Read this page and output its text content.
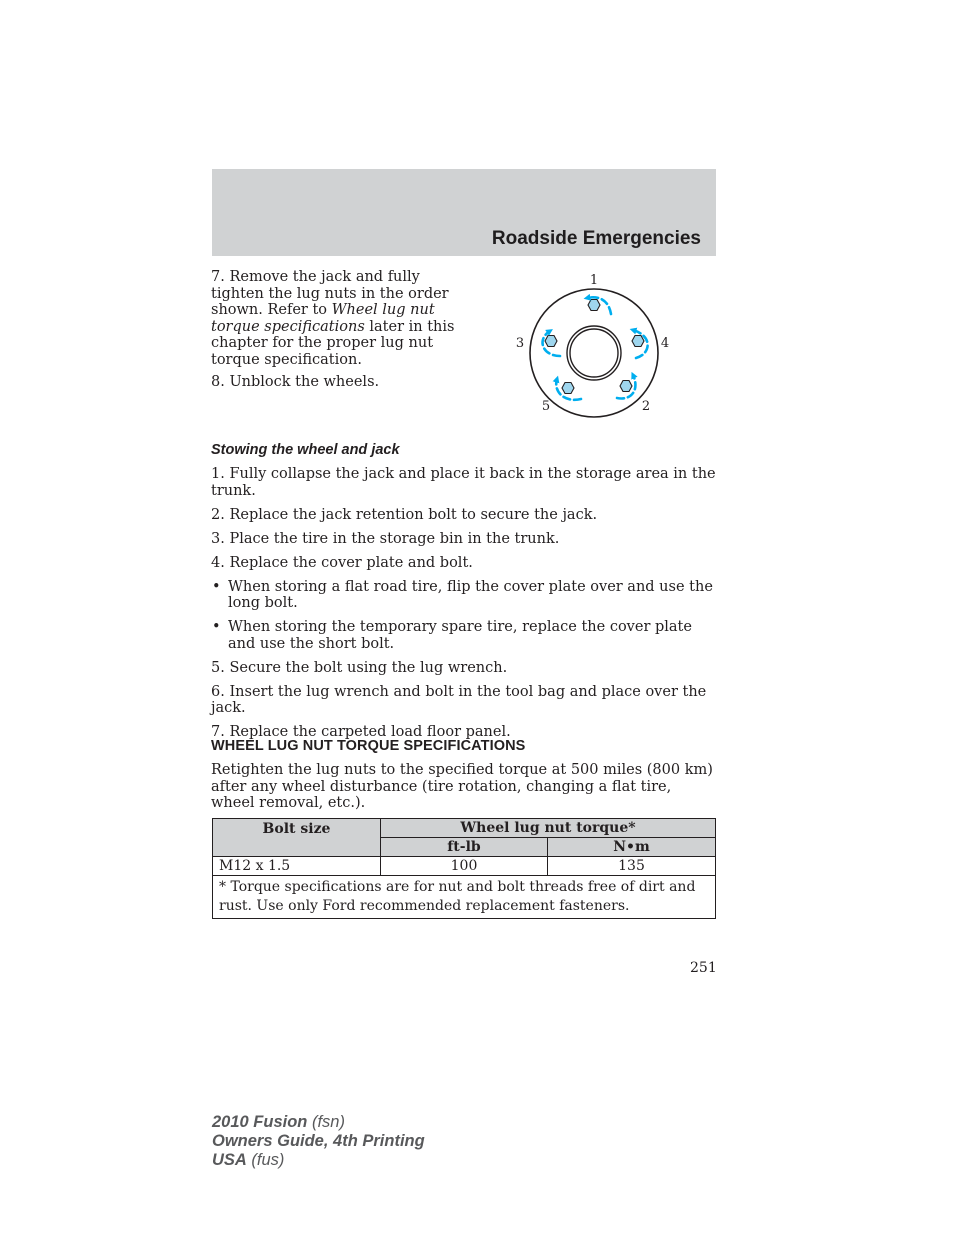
Roadside Emergencies

7. Remove the jack and fully tighten the lug nuts in the order shown. Refer to Wheel lug nut torque specifications later in this chapter for the proper lug nut torque specification.

8. Unblock the wheels.

1
2
3	4
5
Stowing the wheel and jack

1. Fully collapse the jack and place it back in the storage area in the trunk.

2. Replace the jack retention bolt to secure the jack.

3. Place the tire in the storage bin in the trunk.

4. Replace the cover plate and bolt.

• When storing a flat road tire, flip the cover plate over and use the long bolt.

• When storing the temporary spare tire, replace the cover plate and use the short bolt.

5. Secure the bolt using the lug wrench.

6. Insert the lug wrench and bolt in the tool bag and place over the jack.

7. Replace the carpeted load floor panel.

WHEEL LUG NUT TORQUE SPECIFICATIONS

Retighten the lug nuts to the specified torque at 500 miles (800 km) after any wheel disturbance (tire rotation, changing a flat tire, wheel removal, etc.).

Bolt size	Wheel lug nut torque*	
	ft-lb	N•m
M12 x 1.5	100	135
* Torque specifications are for nut and bolt threads free of dirt and rust. Use only Ford recommended replacement fasteners.		
251
2010 Fusion (fsn)
Owners Guide, 4th Printing
USA (fus)
